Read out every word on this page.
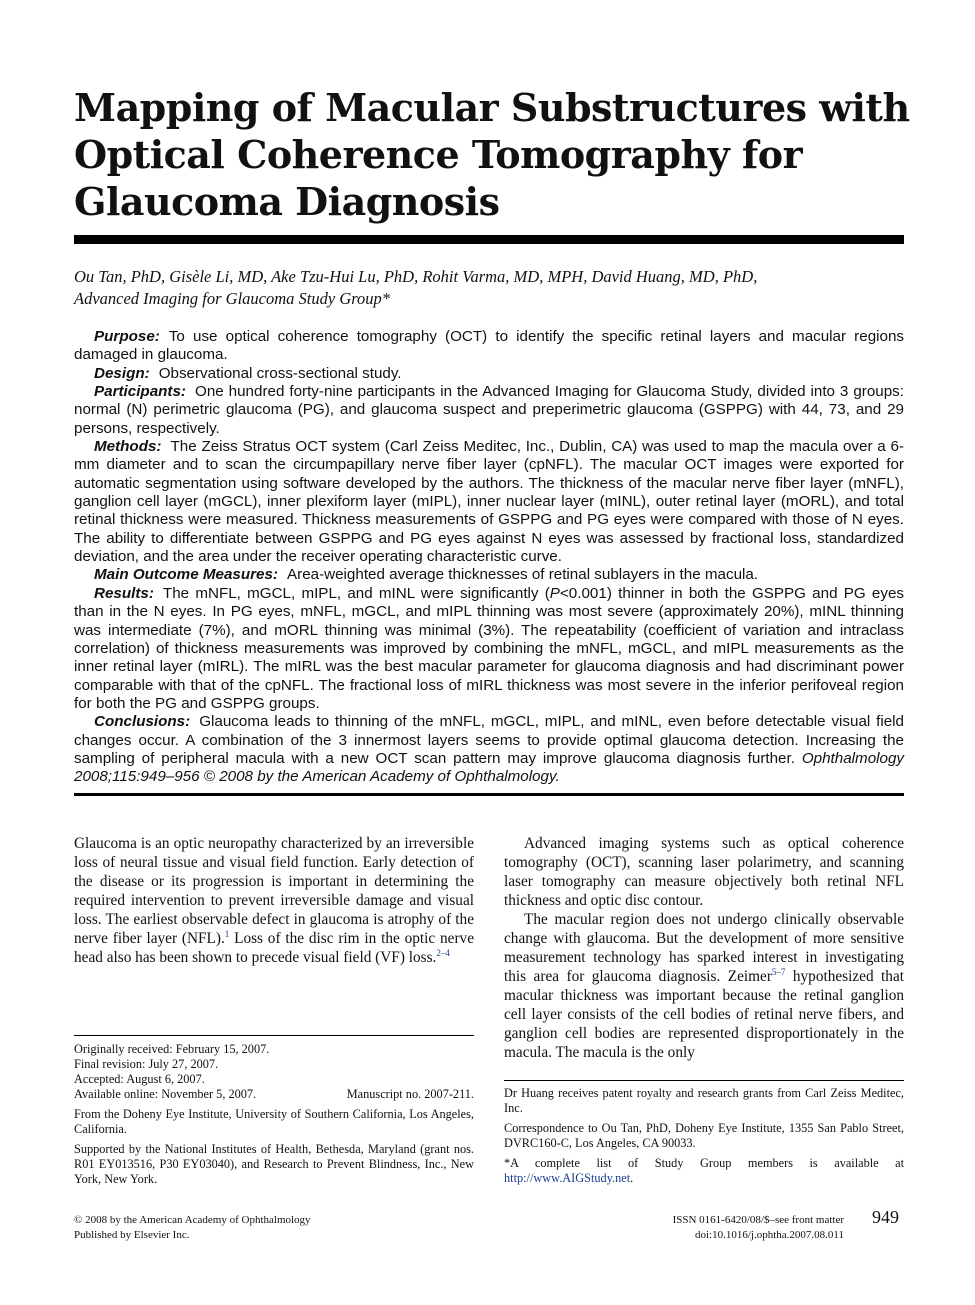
Mapping of Macular Substructures with
Optical Coherence Tomography for
Glaucoma Diagnosis
Ou Tan, PhD, Gisèle Li, MD, Ake Tzu-Hui Lu, PhD, Rohit Varma, MD, MPH, David Huang, MD, PhD,
Advanced Imaging for Glaucoma Study Group*

Purpose: To use optical coherence tomography (OCT) to identify the specific retinal layers and macular regions damaged in glaucoma.

Design: Observational cross-sectional study.

Participants: One hundred forty-nine participants in the Advanced Imaging for Glaucoma Study, divided into 3 groups: normal (N) perimetric glaucoma (PG), and glaucoma suspect and preperimetric glaucoma (GSPPG) with 44, 73, and 29 persons, respectively.

Methods: The Zeiss Stratus OCT system (Carl Zeiss Meditec, Inc., Dublin, CA) was used to map the macula over a 6-mm diameter and to scan the circumpapillary nerve fiber layer (cpNFL). The macular OCT images were exported for automatic segmentation using software developed by the authors. The thickness of the macular nerve fiber layer (mNFL), ganglion cell layer (mGCL), inner plexiform layer (mIPL), inner nuclear layer (mINL), outer retinal layer (mORL), and total retinal thickness were measured. Thickness measurements of GSPPG and PG eyes were compared with those of N eyes. The ability to differentiate between GSPPG and PG eyes against N eyes was assessed by fractional loss, standardized deviation, and the area under the receiver operating characteristic curve.

Main Outcome Measures: Area-weighted average thicknesses of retinal sublayers in the macula.

Results: The mNFL, mGCL, mIPL, and mINL were significantly (P<0.001) thinner in both the GSPPG and PG eyes than in the N eyes. In PG eyes, mNFL, mGCL, and mIPL thinning was most severe (approximately 20%), mINL thinning was intermediate (7%), and mORL thinning was minimal (3%). The repeatability (coefficient of variation and intraclass correlation) of thickness measurements was improved by combining the mNFL, mGCL, and mIPL measurements as the inner retinal layer (mIRL). The mIRL was the best macular parameter for glaucoma diagnosis and had discriminant power comparable with that of the cpNFL. The fractional loss of mIRL thickness was most severe in the inferior perifoveal region for both the PG and GSPPG groups.

Conclusions: Glaucoma leads to thinning of the mNFL, mGCL, mIPL, and mINL, even before detectable visual field changes occur. A combination of the 3 innermost layers seems to provide optimal glaucoma detection. Increasing the sampling of peripheral macula with a new OCT scan pattern may improve glaucoma diagnosis further. Ophthalmology 2008;115:949–956 © 2008 by the American Academy of Ophthalmology.

Glaucoma is an optic neuropathy characterized by an irreversible loss of neural tissue and visual field function. Early detection of the disease or its progression is important in determining the required intervention to prevent irreversible damage and visual loss. The earliest observable defect in glaucoma is atrophy of the nerve fiber layer (NFL).$^1$ Loss of the disc rim in the optic nerve head also has been shown to precede visual field (VF) loss.$^{2-4}$

Advanced imaging systems such as optical coherence tomography (OCT), scanning laser polarimetry, and scanning laser tomography can measure objectively both retinal NFL thickness and optic disc contour.

The macular region does not undergo clinically observable change with glaucoma. But the development of more sensitive measurement technology has sparked interest in investigating this area for glaucoma diagnosis. Zeimer$^{5-7}$ hypothesized that macular thickness was important because the retinal ganglion cell layer consists of the cell bodies of retinal nerve fibers, and ganglion cell bodies are represented disproportionately in the macula. The macula is the only

Originally received: February 15, 2007.

Final revision: July 27, 2007.

Accepted: August 6, 2007.

Available online: November 5, 2007.	Manuscript no. 2007-211.

From the Doheny Eye Institute, University of Southern California, Los Angeles, California.

Supported by the National Institutes of Health, Bethesda, Maryland (grant nos. R01 EY013516, P30 EY03040), and Research to Prevent Blindness, Inc., New York, New York.

Dr Huang receives patent royalty and research grants from Carl Zeiss Meditec, Inc.

Correspondence to Ou Tan, PhD, Doheny Eye Institute, 1355 San Pablo Street, DVRC160-C, Los Angeles, CA 90033.

*A complete list of Study Group members is available at http://www.AIGStudy.net.

© 2008 by the American Academy of Ophthalmology
Published by Elsevier Inc.
ISSN 0161-6420/08/$–see front matter
doi:10.1016/j.ophtha.2007.08.011
949
